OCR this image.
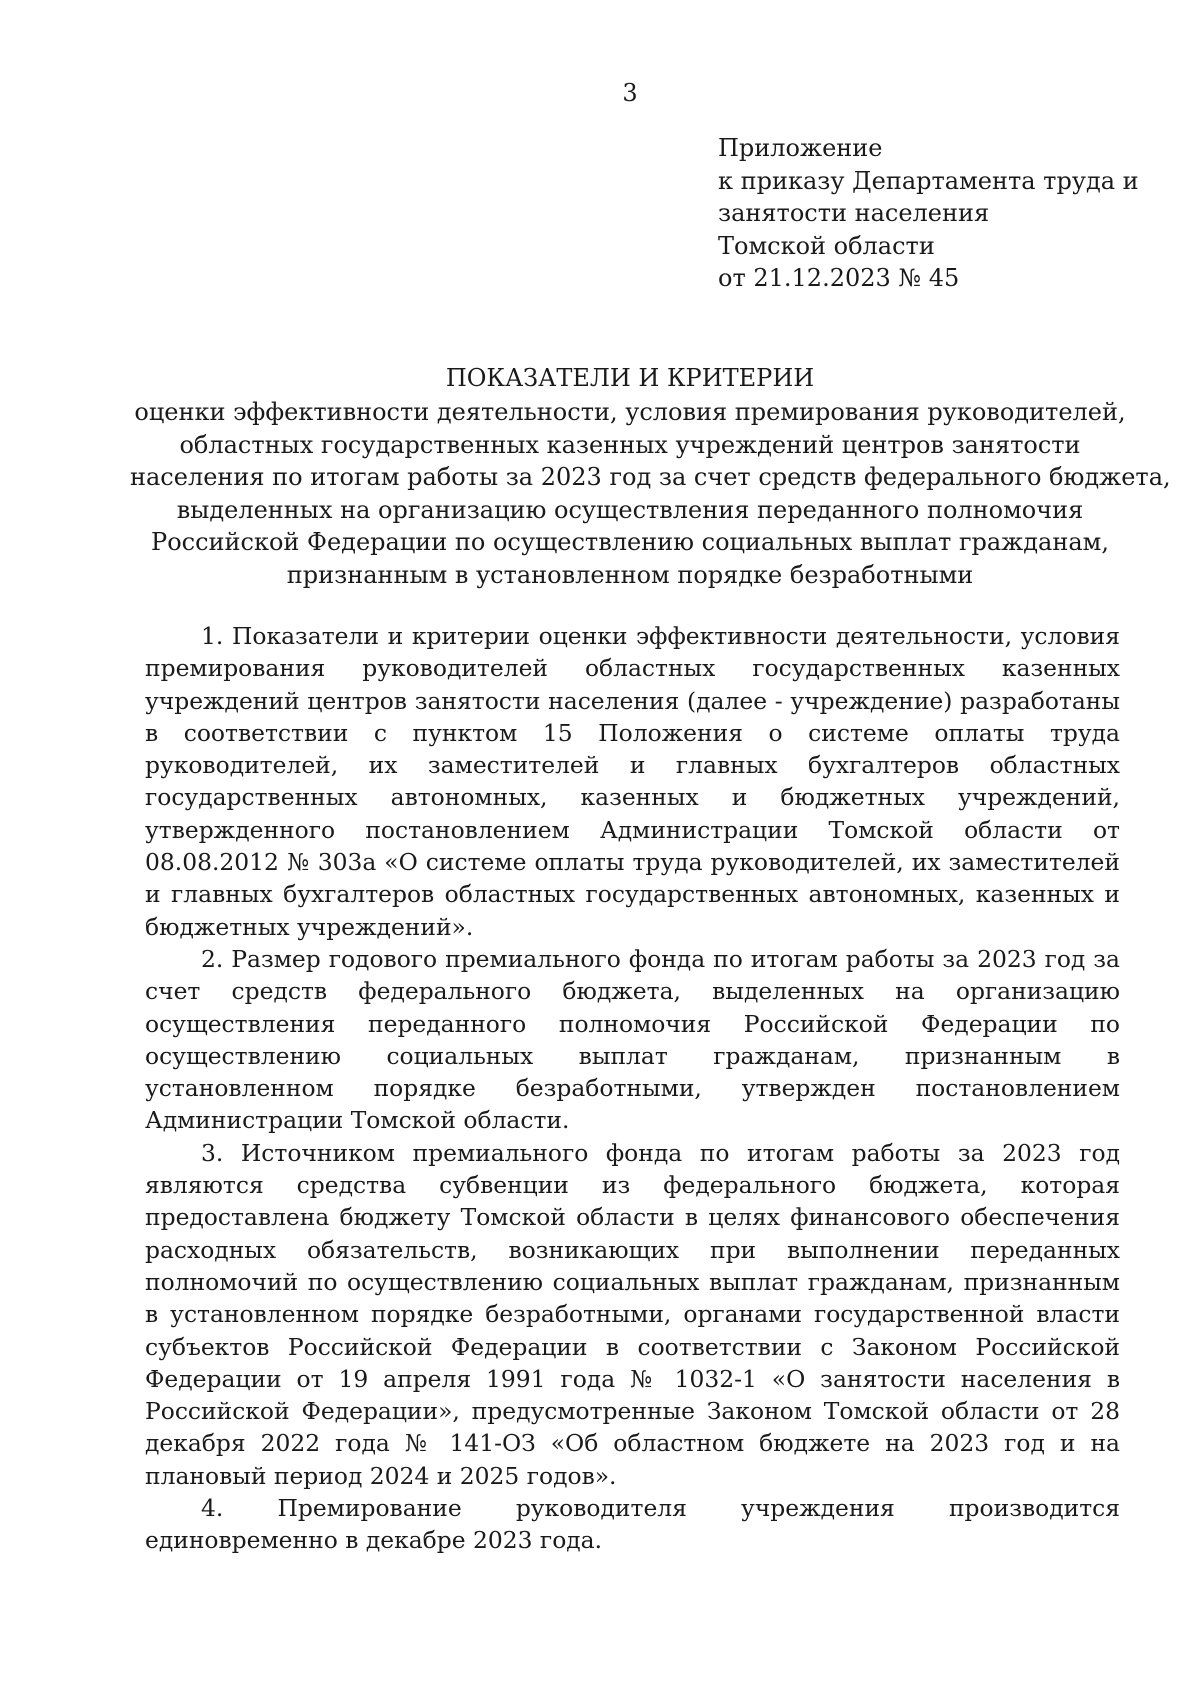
3
Приложение
к приказу Департамента труда и
занятости населения
Томской области
от 21.12.2023 № 45
ПОКАЗАТЕЛИ И КРИТЕРИИ
оценки эффективности деятельности, условия премирования руководителей,
областных государственных казенных учреждений центров занятости
населения по итогам работы за 2023 год за счет средств федерального бюджета,
выделенных на организацию осуществления переданного полномочия
Российской Федерации по осуществлению социальных выплат гражданам,
признанным в установленном порядке безработными

1. Показатели и критерии оценки эффективности деятельности, условия премирования руководителей областных государственных казенных учреждений центров занятости населения (далее - учреждение) разработаны в соответствии с пунктом 15 Положения о системе оплаты труда руководителей, их заместителей и главных бухгалтеров областных государственных автономных, казенных и бюджетных учреждений, утвержденного постановлением Администрации Томской области от 08.08.2012 № 303а «О системе оплаты труда руководителей, их заместителей и главных бухгалтеров областных государственных автономных, казенных и бюджетных учреждений».

2. Размер годового премиального фонда по итогам работы за 2023 год за счет средств федерального бюджета, выделенных на организацию осуществления переданного полномочия Российской Федерации по осуществлению социальных выплат гражданам, признанным в установленном порядке безработными, утвержден постановлением Администрации Томской области.

3. Источником премиального фонда по итогам работы за 2023 год являются средства субвенции из федерального бюджета, которая предоставлена бюджету Томской области в целях финансового обеспечения расходных обязательств, возникающих при выполнении переданных полномочий по осуществлению социальных выплат гражданам, признанным в установленном порядке безработными, органами государственной власти субъектов Российской Федерации в соответствии с Законом Российской Федерации от 19 апреля 1991 года № 1032-1 «О занятости населения в Российской Федерации», предусмотренные Законом Томской области от 28 декабря 2022 года № 141-ОЗ «Об областном бюджете на 2023 год и на плановый период 2024 и 2025 годов».

4. Премирование руководителя учреждения производится единовременно в декабре 2023 года.
